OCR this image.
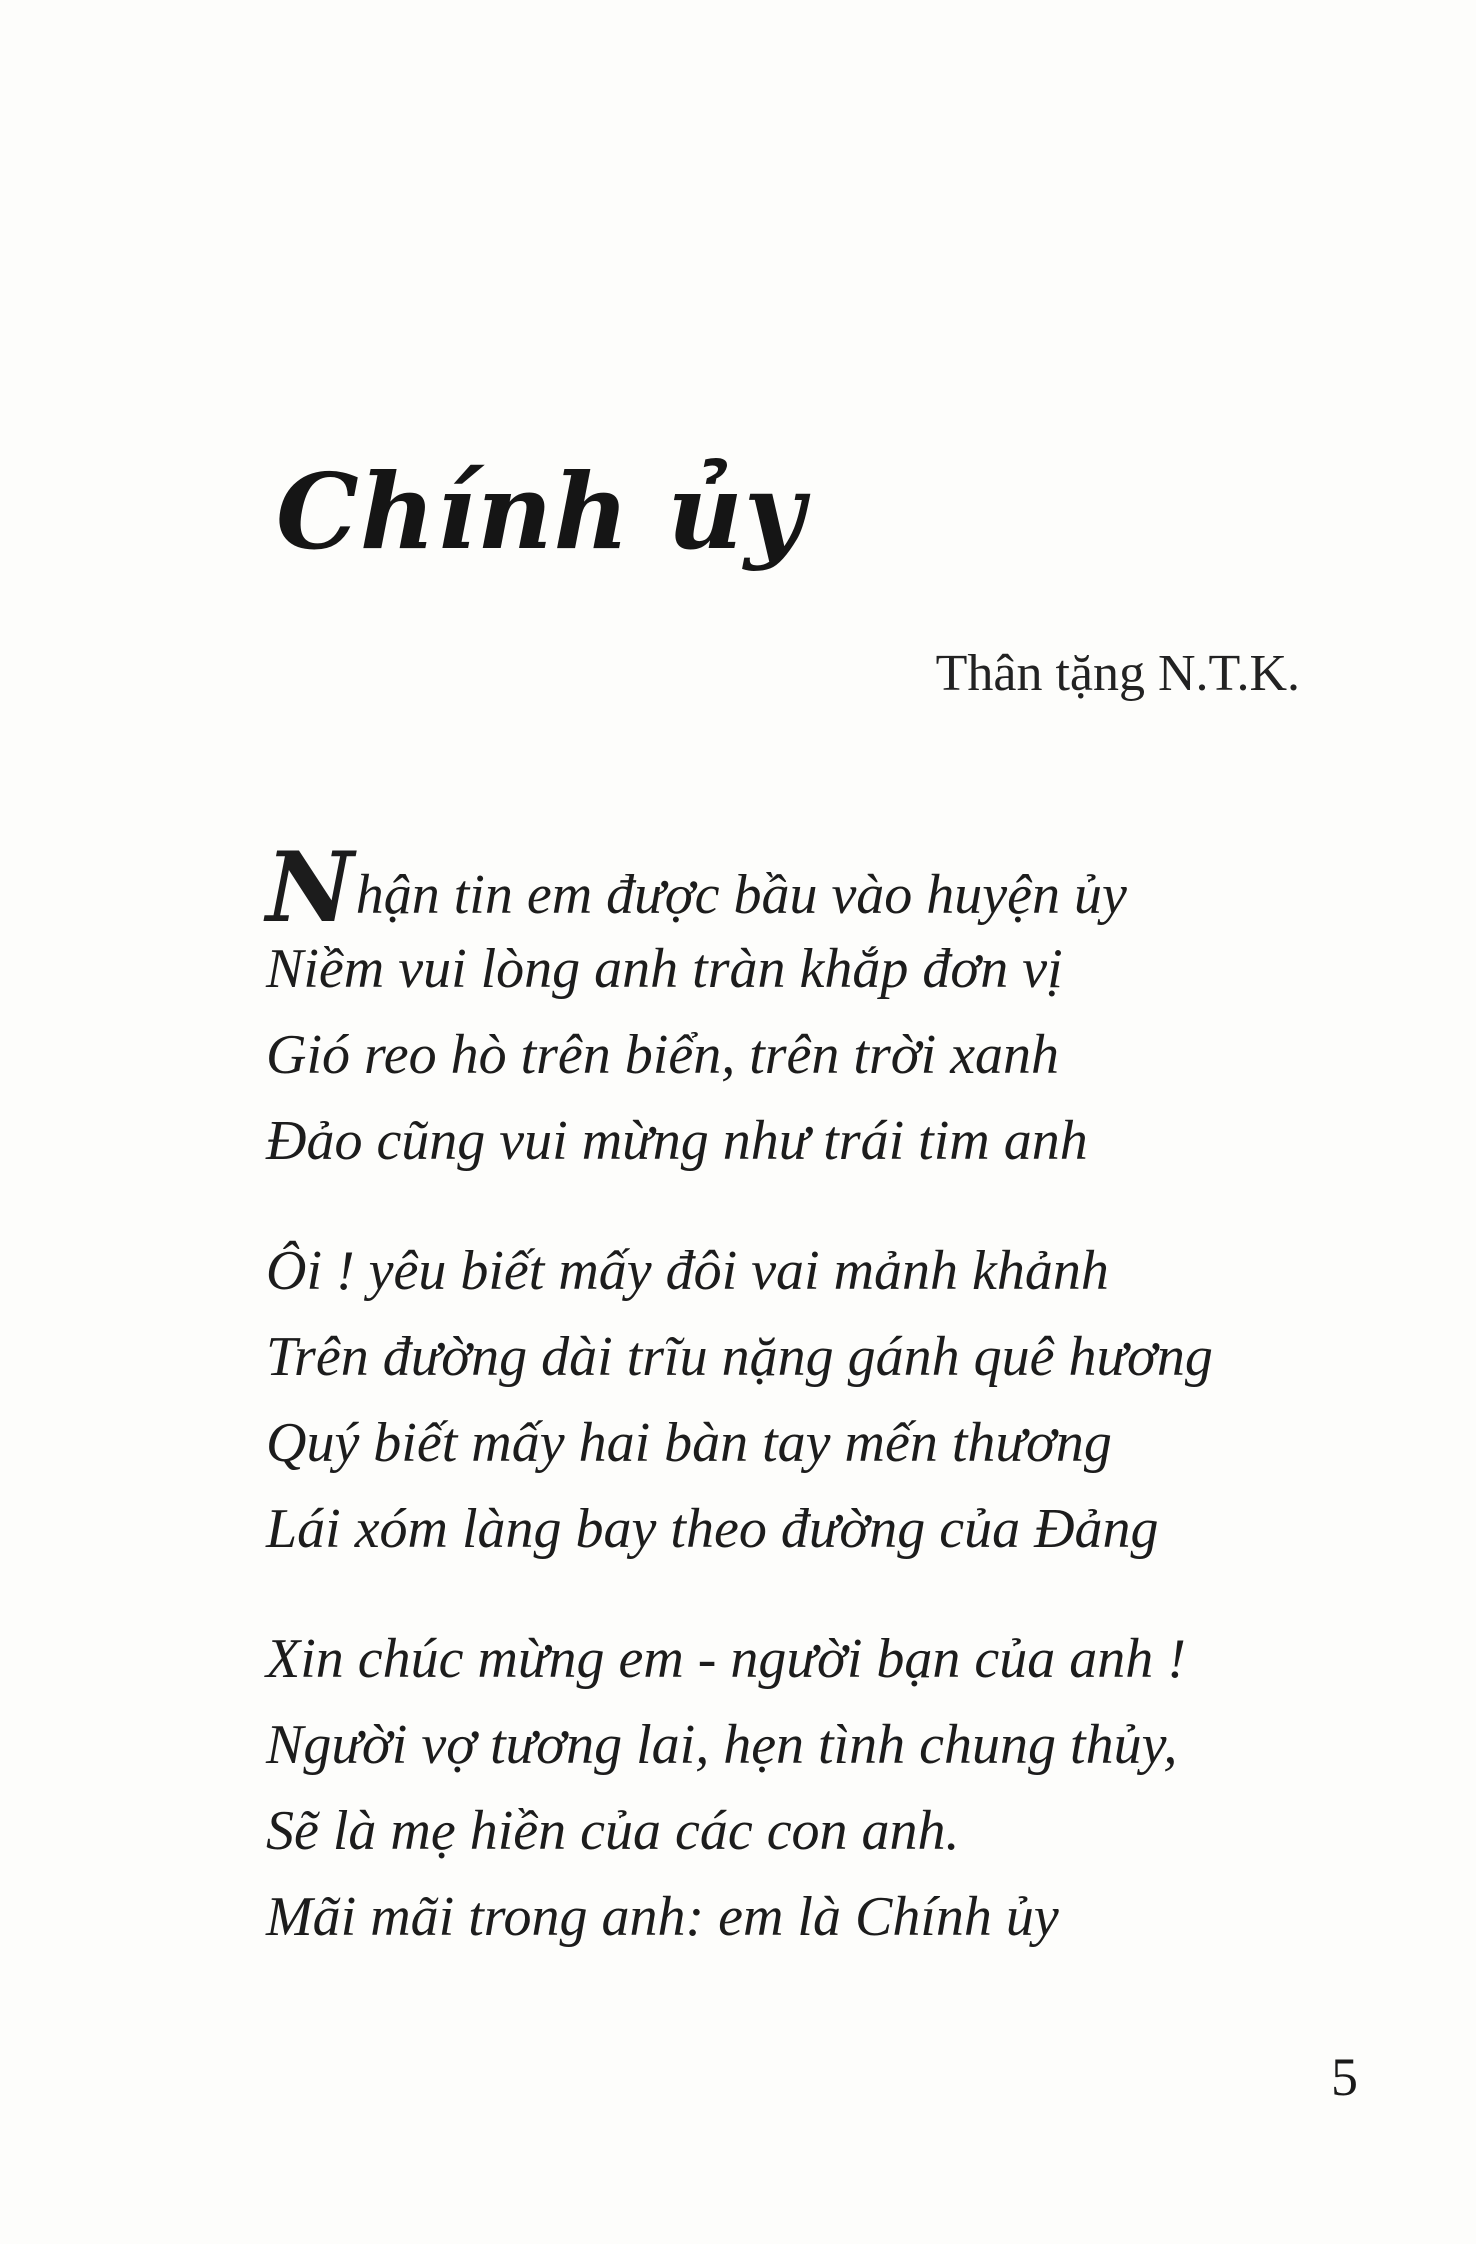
Chính ủy
Thân tặng N.T.K.
Nhận tin em được bầu vào huyện ủy
Niềm vui lòng anh tràn khắp đơn vị
Gió reo hò trên biển, trên trời xanh
Đảo cũng vui mừng như trái tim anh
Ôi ! yêu biết mấy đôi vai mảnh khảnh
Trên đường dài trĩu nặng gánh quê hương
Quý biết mấy hai bàn tay mến thương
Lái xóm làng bay theo đường của Đảng
Xin chúc mừng em - người bạn của anh !
Người vợ tương lai, hẹn tình chung thủy,
Sẽ là mẹ hiền của các con anh.
Mãi mãi trong anh: em là Chính ủy
5
